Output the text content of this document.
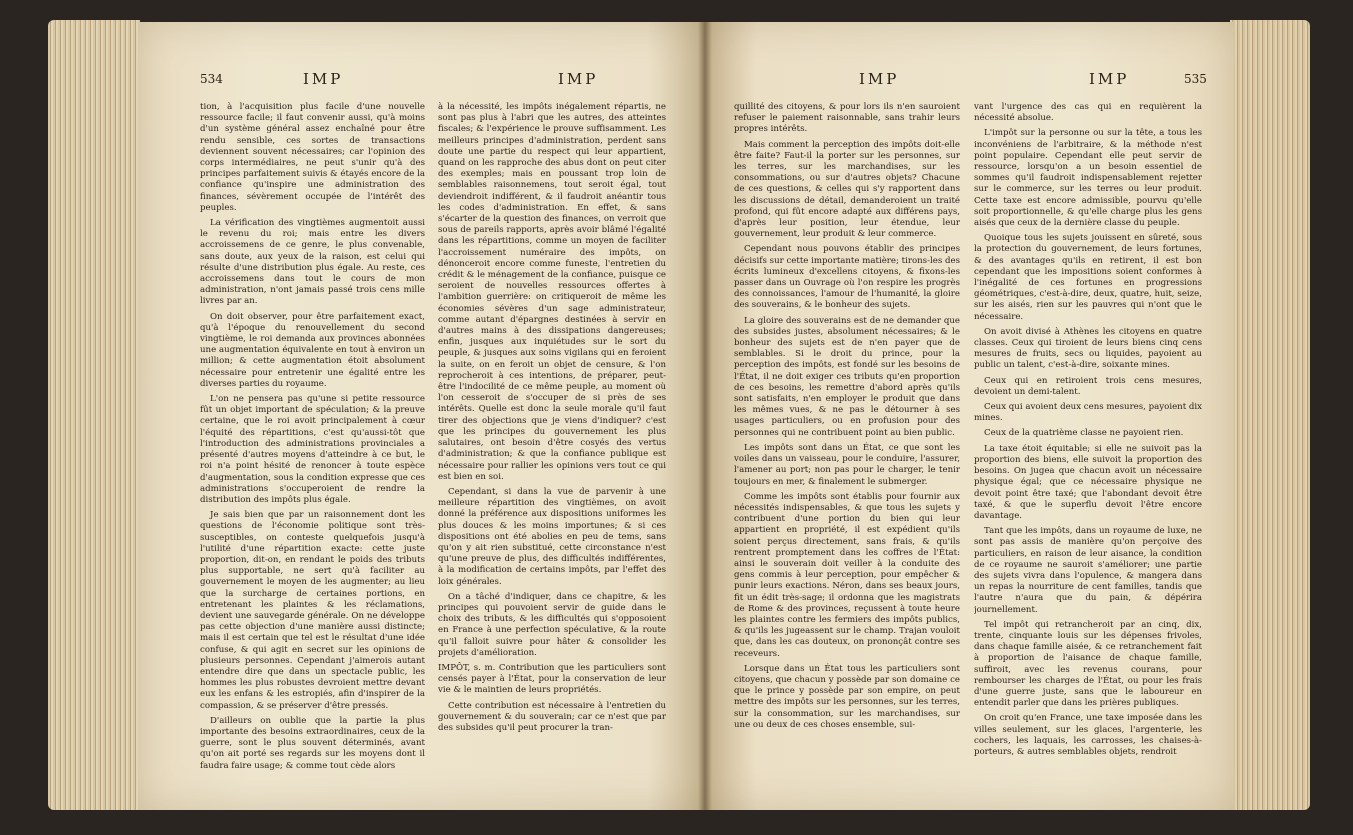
534	IMP	IMP

tion, à l'acquisition plus facile d'une nouvelle ressource facile; il faut convenir aussi, qu'à moins d'un système général assez enchaîné pour être rendu sensible, ces sortes de transactions deviennent souvent nécessaires; car l'opinion des corps intermédiaires, ne peut s'unir qu'à des principes parfaitement suivis & étayés encore de la confiance qu'inspire une administration des finances, sévèrement occupée de l'intérêt des peuples.

La vérification des vingtièmes augmentoit aussi le revenu du roi; mais entre les divers accroissemens de ce genre, le plus convenable, sans doute, aux yeux de la raison, est celui qui résulte d'une distribution plus égale. Au reste, ces accroissemens dans tout le cours de mon administration, n'ont jamais passé trois cens mille livres par an.

On doit observer, pour être parfaitement exact, qu'à l'époque du renouvellement du second vingtième, le roi demanda aux provinces abonnées une augmentation équivalente en tout à environ un million; & cette augmentation étoit absolument nécessaire pour entretenir une égalité entre les diverses parties du royaume.

L'on ne pensera pas qu'une si petite ressource fût un objet important de spéculation; & la preuve certaine, que le roi avoit principalement à cœur l'équité des répartitions, c'est qu'aussi-tôt que l'introduction des administrations provinciales a présenté d'autres moyens d'atteindre à ce but, le roi n'a point hésité de renoncer à toute espèce d'augmentation, sous la condition expresse que ces administrations s'occuperoient de rendre la distribution des impôts plus égale.

Je sais bien que par un raisonnement dont les questions de l'économie politique sont très-susceptibles, on conteste quelquefois jusqu'à l'utilité d'une répartition exacte: cette juste proportion, dit-on, en rendant le poids des tributs plus supportable, ne sert qu'à faciliter au gouvernement le moyen de les augmenter; au lieu que la surcharge de certaines portions, en entretenant les plaintes & les réclamations, devient une sauvegarde générale. On ne développe pas cette objection d'une manière aussi distincte; mais il est certain que tel est le résultat d'une idée confuse, & qui agit en secret sur les opinions de plusieurs personnes. Cependant j'aimerois autant entendre dire que dans un spectacle public, les hommes les plus robustes devroient mettre devant eux les enfans & les estropiés, afin d'inspirer de la compassion, & se préserver d'être pressés.

D'ailleurs on oublie que la partie la plus importante des besoins extraordinaires, ceux de la guerre, sont le plus souvent déterminés, avant qu'on ait porté ses regards sur les moyens dont il faudra faire usage; & comme tout cède alors

à la nécessité, les impôts inégalement répartis, ne sont pas plus à l'abri que les autres, des atteintes fiscales; & l'expérience le prouve suffisamment. Les meilleurs principes d'administration, perdent sans doute une partie du respect qui leur appartient, quand on les rapproche des abus dont on peut citer des exemples; mais en poussant trop loin de semblables raisonnemens, tout seroit égal, tout deviendroit indifférent, & il faudroit anéantir tous les codes d'administration. En effet, & sans s'écarter de la question des finances, on verroit que sous de pareils rapports, après avoir blâmé l'égalité dans les répartitions, comme un moyen de faciliter l'accroissement numéraire des impôts, on dénonceroit encore comme funeste, l'entretien du crédit & le ménagement de la confiance, puisque ce seroient de nouvelles ressources offertes à l'ambition guerrière: on critiqueroit de même les économies sévères d'un sage administrateur, comme autant d'épargnes destinées à servir en d'autres mains à des dissipations dangereuses; enfin, jusques aux inquiétudes sur le sort du peuple, & jusques aux soins vigilans qui en feroient la suite, on en feroit un objet de censure, & l'on reprocheroit à ces intentions, de préparer, peut-être l'indocilité de ce même peuple, au moment où l'on cesseroit de s'occuper de si près de ses intérêts. Quelle est donc la seule morale qu'il faut tirer des objections que je viens d'indiquer? c'est que les principes du gouvernement les plus salutaires, ont besoin d'être cosyés des vertus d'administration; & que la confiance publique est nécessaire pour rallier les opinions vers tout ce qui est bien en soi.

Cependant, si dans la vue de parvenir à une meilleure répartition des vingtièmes, on avoit donné la préférence aux dispositions uniformes les plus douces & les moins importunes; & si ces dispositions ont été abolies en peu de tems, sans qu'on y ait rien substitué, cette circonstance n'est qu'une preuve de plus, des difficultés indifférentes, à la modification de certains impôts, par l'effet des loix générales.

On a tâché d'indiquer, dans ce chapitre, & les principes qui pouvoient servir de guide dans le choix des tributs, & les difficultés qui s'opposoient en France à une perfection spéculative, & la route qu'il falloit suivre pour hâter & consolider les projets d'amélioration.

IMPÔT, s. m. Contribution que les particuliers sont censés payer à l'État, pour la conservation de leur vie & le maintien de leurs propriétés.

Cette contribution est nécessaire à l'entretien du gouvernement & du souverain; car ce n'est que par des subsides qu'il peut procurer la tran-

IMP	IMP	535

quillité des citoyens, & pour lors ils n'en sauroient refuser le paiement raisonnable, sans trahir leurs propres intérêts.

Mais comment la perception des impôts doit-elle être faite? Faut-il la porter sur les personnes, sur les terres, sur les marchandises, sur les consommations, ou sur d'autres objets? Chacune de ces questions, & celles qui s'y rapportent dans les discussions de détail, demanderoient un traité profond, qui fût encore adapté aux différens pays, d'après leur position, leur étendue, leur gouvernement, leur produit & leur commerce.

Cependant nous pouvons établir des principes décisifs sur cette importante matière; tirons-les des écrits lumineux d'excellens citoyens, & fixons-les passer dans un Ouvrage où l'on respire les progrès des connoissances, l'amour de l'humanité, la gloire des souverains, & le bonheur des sujets.

La gloire des souverains est de ne demander que des subsides justes, absolument nécessaires; & le bonheur des sujets est de n'en payer que de semblables. Si le droit du prince, pour la perception des impôts, est fondé sur les besoins de l'État, il ne doit exiger ces tributs qu'en proportion de ces besoins, les remettre d'abord après qu'ils sont satisfaits, n'en employer le produit que dans les mêmes vues, & ne pas le détourner à ses usages particuliers, ou en profusion pour des personnes qui ne contribuent point au bien public.

Les impôts sont dans un État, ce que sont les voiles dans un vaisseau, pour le conduire, l'assurer, l'amener au port; non pas pour le charger, le tenir toujours en mer, & finalement le submerger.

Comme les impôts sont établis pour fournir aux nécessités indispensables, & que tous les sujets y contribuent d'une portion du bien qui leur appartient en propriété, il est expédient qu'ils soient perçus directement, sans frais, & qu'ils rentrent promptement dans les coffres de l'État: ainsi le souverain doit veiller à la conduite des gens commis à leur perception, pour empêcher & punir leurs exactions. Néron, dans ses beaux jours, fit un édit très-sage; il ordonna que les magistrats de Rome & des provinces, reçussent à toute heure les plaintes contre les fermiers des impôts publics, & qu'ils les jugeassent sur le champ. Trajan vouloit que, dans les cas douteux, on prononçât contre ses receveurs.

Lorsque dans un État tous les particuliers sont citoyens, que chacun y possède par son domaine ce que le prince y possède par son empire, on peut mettre des impôts sur les personnes, sur les terres, sur la consommation, sur les marchandises, sur une ou deux de ces choses ensemble, sui-

vant l'urgence des cas qui en requièrent la nécessité absolue.

L'impôt sur la personne ou sur la tête, a tous les inconvéniens de l'arbitraire, & la méthode n'est point populaire. Cependant elle peut servir de ressource, lorsqu'on a un besoin essentiel de sommes qu'il faudroit indispensablement rejetter sur le commerce, sur les terres ou leur produit. Cette taxe est encore admissible, pourvu qu'elle soit proportionnelle, & qu'elle charge plus les gens aisés que ceux de la dernière classe du peuple.

Quoique tous les sujets jouissent en sûreté, sous la protection du gouvernement, de leurs fortunes, & des avantages qu'ils en retirent, il est bon cependant que les impositions soient conformes à l'inégalité de ces fortunes en progressions géométriques, c'est-à-dire, deux, quatre, huit, seize, sur les aisés, rien sur les pauvres qui n'ont que le nécessaire.

On avoit divisé à Athènes les citoyens en quatre classes. Ceux qui tiroient de leurs biens cinq cens mesures de fruits, secs ou liquides, payoient au public un talent, c'est-à-dire, soixante mines.

Ceux qui en retiroient trois cens mesures, devoient un demi-talent.

Ceux qui avoient deux cens mesures, payoient dix mines.

Ceux de la quatrième classe ne payoient rien.

La taxe étoit équitable; si elle ne suivoit pas la proportion des biens, elle suivoit la proportion des besoins. On jugea que chacun avoit un nécessaire physique égal; que ce nécessaire physique ne devoit point être taxé; que l'abondant devoit être taxé, & que le superflu devoit l'être encore davantage.

Tant que les impôts, dans un royaume de luxe, ne sont pas assis de manière qu'on perçoive des particuliers, en raison de leur aisance, la condition de ce royaume ne sauroit s'améliorer; une partie des sujets vivra dans l'opulence, & mangera dans un repas la nourriture de cent familles, tandis que l'autre n'aura que du pain, & dépérira journellement.

Tel impôt qui retrancheroit par an cinq, dix, trente, cinquante louis sur les dépenses frivoles, dans chaque famille aisée, & ce retranchement fait à proportion de l'aisance de chaque famille, suffiroit, avec les revenus courans, pour rembourser les charges de l'État, ou pour les frais d'une guerre juste, sans que le laboureur en entendit parler que dans les prières publiques.

On croit qu'en France, une taxe imposée dans les villes seulement, sur les glaces, l'argenterie, les cochers, les laquais, les carrosses, les chaises-à-porteurs, & autres semblables objets, rendroit
